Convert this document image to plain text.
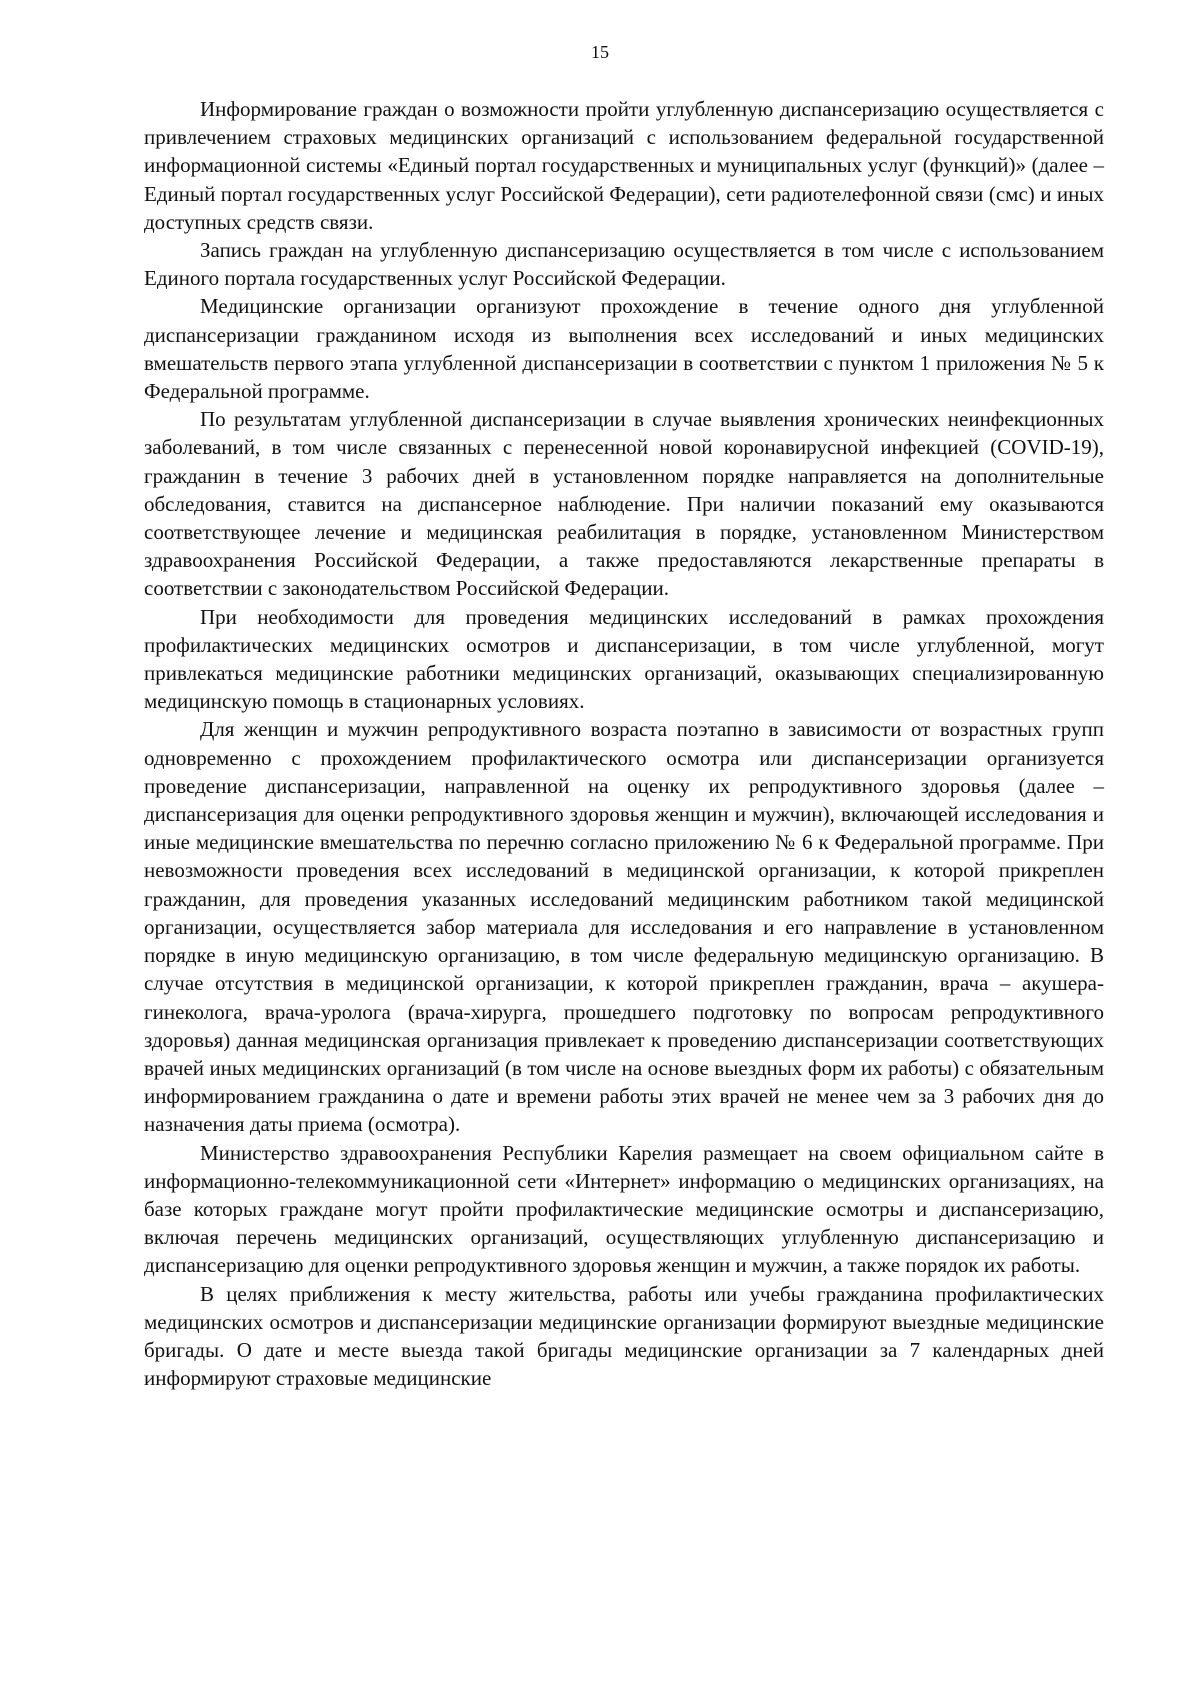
15

Информирование граждан о возможности пройти углубленную диспансеризацию осуществляется с привлечением страховых медицинских организаций с использованием федеральной государственной информационной системы «Единый портал государственных и муниципальных услуг (функций)» (далее – Единый портал государственных услуг Российской Федерации), сети радиотелефонной связи (смс) и иных доступных средств связи.

Запись граждан на углубленную диспансеризацию осуществляется в том числе с использованием Единого портала государственных услуг Российской Федерации.

Медицинские организации организуют прохождение в течение одного дня углубленной диспансеризации гражданином исходя из выполнения всех исследований и иных медицинских вмешательств первого этапа углубленной диспансеризации в соответствии с пунктом 1 приложения № 5 к Федеральной программе.

По результатам углубленной диспансеризации в случае выявления хронических неинфекционных заболеваний, в том числе связанных с перенесенной новой коронавирусной инфекцией (COVID-19), гражданин в течение 3 рабочих дней в установленном порядке направляется на дополнительные обследования, ставится на диспансерное наблюдение. При наличии показаний ему оказываются соответствующее лечение и медицинская реабилитация в порядке, установленном Министерством здравоохранения Российской Федерации, а также предоставляются лекарственные препараты в соответствии с законодательством Российской Федерации.

При необходимости для проведения медицинских исследований в рамках прохождения профилактических медицинских осмотров и диспансеризации, в том числе углубленной, могут привлекаться медицинские работники медицинских организаций, оказывающих специализированную медицинскую помощь в стационарных условиях.

Для женщин и мужчин репродуктивного возраста поэтапно в зависимости от возрастных групп одновременно с прохождением профилактического осмотра или диспансеризации организуется проведение диспансеризации, направленной на оценку их репродуктивного здоровья (далее – диспансеризация для оценки репродуктивного здоровья женщин и мужчин), включающей исследования и иные медицинские вмешательства по перечню согласно приложению № 6 к Федеральной программе. При невозможности проведения всех исследований в медицинской организации, к которой прикреплен гражданин, для проведения указанных исследований медицинским работником такой медицинской организации, осуществляется забор материала для исследования и его направление в установленном порядке в иную медицинскую организацию, в том числе федеральную медицинскую организацию. В случае отсутствия в медицинской организации, к которой прикреплен гражданин, врача – акушера-гинеколога, врача-уролога (врача-хирурга, прошедшего подготовку по вопросам репродуктивного здоровья) данная медицинская организация привлекает к проведению диспансеризации соответствующих врачей иных медицинских организаций (в том числе на основе выездных форм их работы) с обязательным информированием гражданина о дате и времени работы этих врачей не менее чем за 3 рабочих дня до назначения даты приема (осмотра).

Министерство здравоохранения Республики Карелия размещает на своем официальном сайте в информационно-телекоммуникационной сети «Интернет» информацию о медицинских организациях, на базе которых граждане могут пройти профилактические медицинские осмотры и диспансеризацию, включая перечень медицинских организаций, осуществляющих углубленную диспансеризацию и диспансеризацию для оценки репродуктивного здоровья женщин и мужчин, а также порядок их работы.

В целях приближения к месту жительства, работы или учебы гражданина профилактических медицинских осмотров и диспансеризации медицинские организации формируют выездные медицинские бригады. О дате и месте выезда такой бригады медицинские организации за 7 календарных дней информируют страховые медицинские
